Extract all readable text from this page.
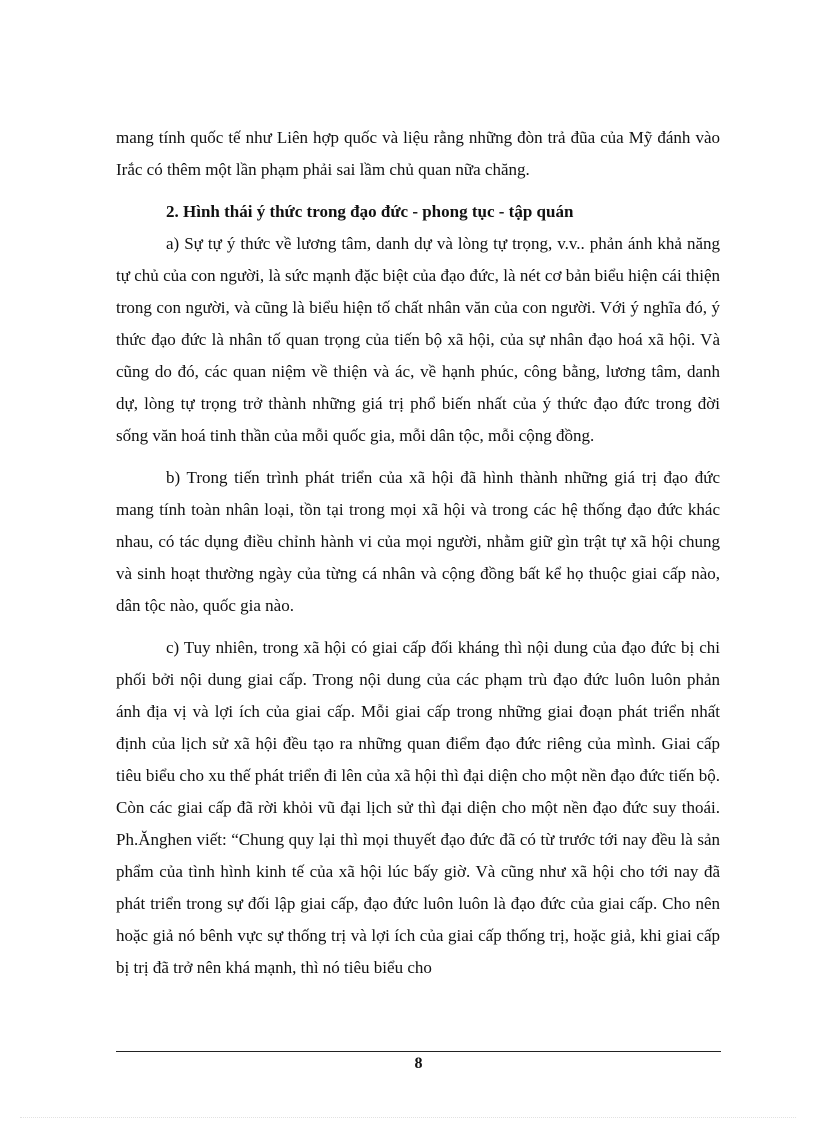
mang tính quốc tế như Liên hợp quốc và liệu rằng những đòn trả đũa của Mỹ đánh vào Irắc có thêm một lần phạm phải sai lầm chủ quan nữa chăng.

2. Hình thái ý thức trong đạo đức - phong tục - tập quán

a) Sự tự ý thức về lương tâm, danh dự và lòng tự trọng, v.v.. phản ánh khả năng tự chủ của con người, là sức mạnh đặc biệt của đạo đức, là nét cơ bản biểu hiện cái thiện trong con người, và cũng là biểu hiện tố chất nhân văn của con người. Với ý nghĩa đó, ý thức đạo đức là nhân tố quan trọng của tiến bộ xã hội, của sự nhân đạo hoá xã hội. Và cũng do đó, các quan niệm về thiện và ác, về hạnh phúc, công bằng, lương tâm, danh dự, lòng tự trọng trở thành những giá trị phổ biến nhất của ý thức đạo đức trong đời sống văn hoá tinh thần của mỗi quốc gia, mỗi dân tộc, mỗi cộng đồng.

b) Trong tiến trình phát triển của xã hội đã hình thành những giá trị đạo đức mang tính toàn nhân loại, tồn tại trong mọi xã hội và trong các hệ thống đạo đức khác nhau, có tác dụng điều chỉnh hành vi của mọi người, nhằm giữ gìn trật tự xã hội chung và sinh hoạt thường ngày của từng cá nhân và cộng đồng bất kể họ thuộc giai cấp nào, dân tộc nào, quốc gia nào.

c) Tuy nhiên, trong xã hội có giai cấp đối kháng thì nội dung của đạo đức bị chi phối bởi nội dung giai cấp. Trong nội dung của các phạm trù đạo đức luôn luôn phản ánh địa vị và lợi ích của giai cấp. Mỗi giai cấp trong những giai đoạn phát triển nhất định của lịch sử xã hội đều tạo ra những quan điểm đạo đức riêng của mình. Giai cấp tiêu biểu cho xu thế phát triển đi lên của xã hội thì đại diện cho một nền đạo đức tiến bộ. Còn các giai cấp đã rời khỏi vũ đại lịch sử thì đại diện cho một nền đạo đức suy thoái. Ph.Ănghen viết: “Chung quy lại thì mọi thuyết đạo đức đã có từ trước tới nay đều là sản phẩm của tình hình kinh tế của xã hội lúc bấy giờ. Và cũng như xã hội cho tới nay đã phát triển trong sự đối lập giai cấp, đạo đức luôn luôn là đạo đức của giai cấp. Cho nên hoặc giả nó bênh vực sự thống trị và lợi ích của giai cấp thống trị, hoặc giả, khi giai cấp bị trị đã trở nên khá mạnh, thì nó tiêu biểu cho

8
